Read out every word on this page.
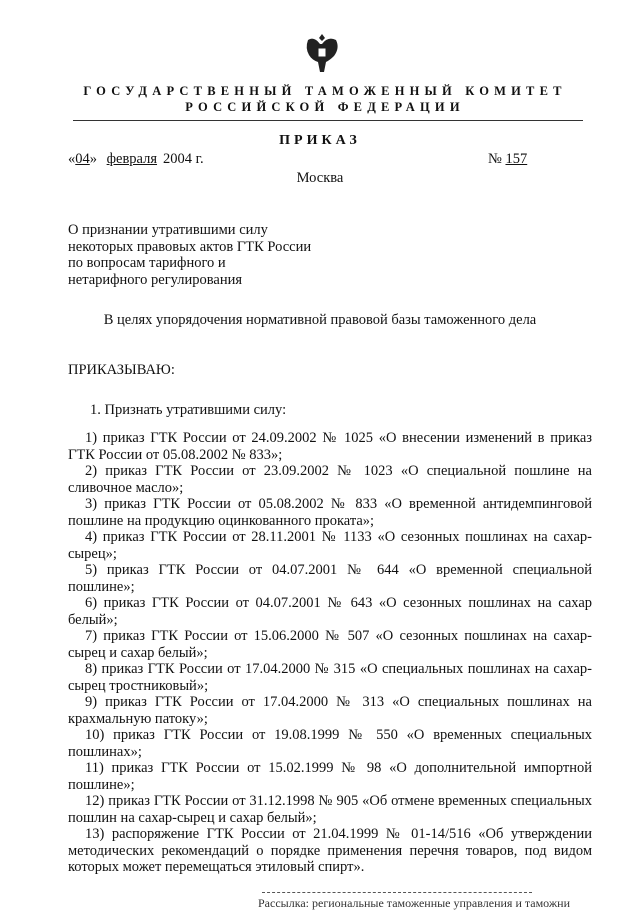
ГОСУДАРСТВЕННЫЙ ТАМОЖЕННЫЙ КОМИТЕТ
РОССИЙСКОЙ ФЕДЕРАЦИИ
ПРИКАЗ
«04» февраля 2004 г.	№ 157
Москва
О признании утратившими силу
некоторых правовых актов ГТК России
по вопросам тарифного и
нетарифного регулирования
В целях упорядочения нормативной правовой базы таможенного дела
ПРИКАЗЫВАЮ:
1. Признать утратившими силу:

1) приказ ГТК России от 24.09.2002 № 1025 «О внесении изменений в приказ ГТК России от 05.08.2002 № 833»;

2) приказ ГТК России от 23.09.2002 № 1023 «О специальной пошлине на сливочное масло»;

3) приказ ГТК России от 05.08.2002 № 833 «О временной антидемпинговой пошлине на продукцию оцинкованного проката»;

4) приказ ГТК России от 28.11.2001 № 1133 «О сезонных пошлинах на сахар-сырец»;

5) приказ ГТК России от 04.07.2001 № 644 «О временной специальной пошлине»;

6) приказ ГТК России от 04.07.2001 № 643 «О сезонных пошлинах на сахар белый»;

7) приказ ГТК России от 15.06.2000 № 507 «О сезонных пошлинах на сахар-сырец и сахар белый»;

8) приказ ГТК России от 17.04.2000 № 315 «О специальных пошлинах на сахар-сырец тростниковый»;

9) приказ ГТК России от 17.04.2000 № 313 «О специальных пошлинах на крахмальную патоку»;

10) приказ ГТК России от 19.08.1999 № 550 «О временных специальных пошлинах»;

11) приказ ГТК России от 15.02.1999 № 98 «О дополнительной импортной пошлине»;

12) приказ ГТК России от 31.12.1998 № 905 «Об отмене временных специальных пошлин на сахар-сырец и сахар белый»;

13) распоряжение ГТК России от 21.04.1999 № 01-14/516 «Об утверждении методических рекомендаций о порядке применения перечня товаров, под видом которых может перемещаться этиловый спирт».

Рассылка: региональные таможенные управления и таможни
